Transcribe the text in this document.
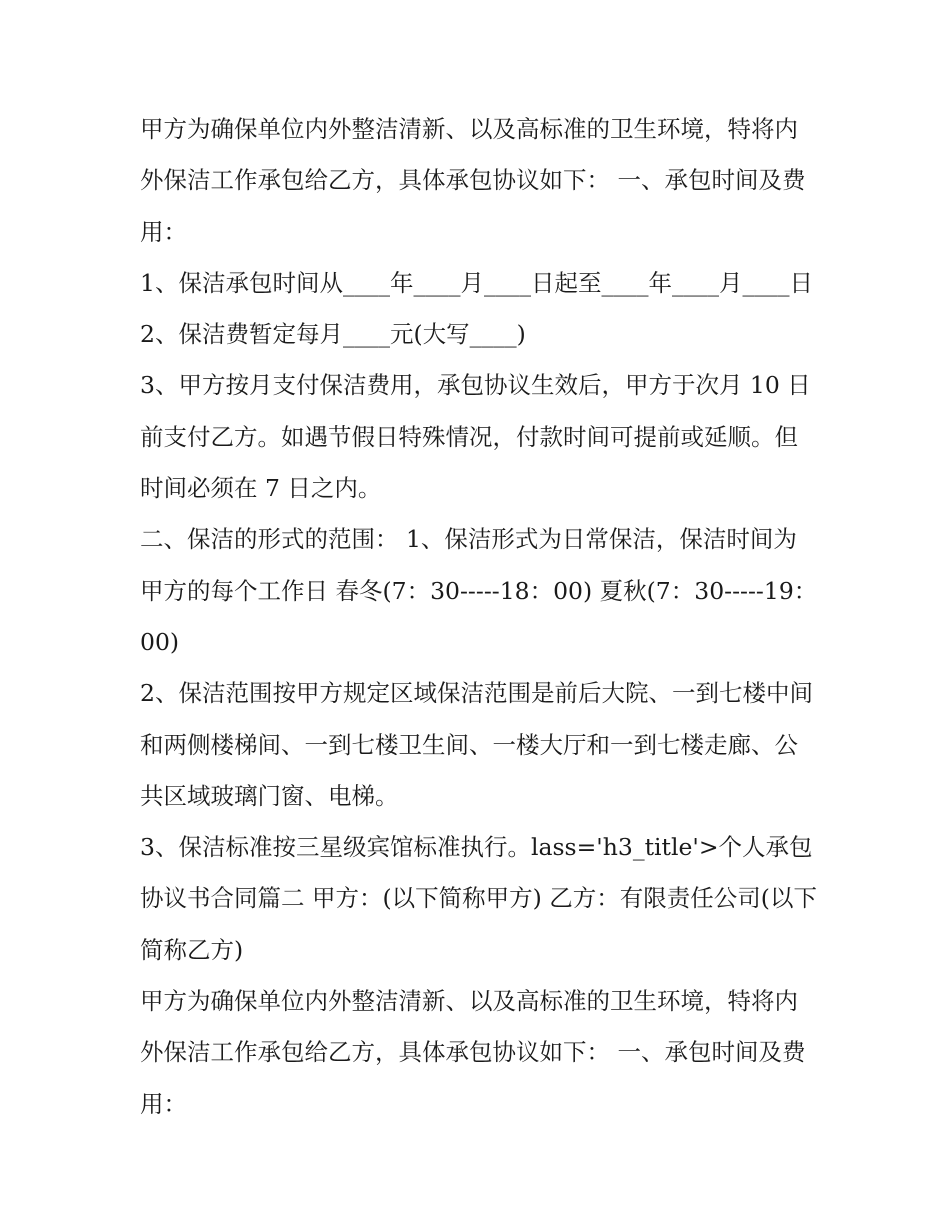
甲方为确保单位内外整洁清新、以及高标准的卫生环境，特将内外保洁工作承包给乙方，具体承包协议如下： 一、承包时间及费用：

1、保洁承包时间从____年____月____日起至____年____月____日 2、保洁费暂定每月____元(大写____)

3、甲方按月支付保洁费用，承包协议生效后，甲方于次月 10 日前支付乙方。如遇节假日特殊情况，付款时间可提前或延顺。但时间必须在 7 日之内。

二、保洁的形式的范围： 1、保洁形式为日常保洁，保洁时间为甲方的每个工作日 春冬(7：30-----18：00) 夏秋(7：30-----19：00)

2、保洁范围按甲方规定区域保洁范围是前后大院、一到七楼中间和两侧楼梯间、一到七楼卫生间、一楼大厅和一到七楼走廊、公共区域玻璃门窗、电梯。

3、保洁标准按三星级宾馆标准执行。lass='h3_title'>个人承包协议书合同篇二 甲方：(以下简称甲方) 乙方：有限责任公司(以下简称乙方)

甲方为确保单位内外整洁清新、以及高标准的卫生环境，特将内外保洁工作承包给乙方，具体承包协议如下： 一、承包时间及费用：
